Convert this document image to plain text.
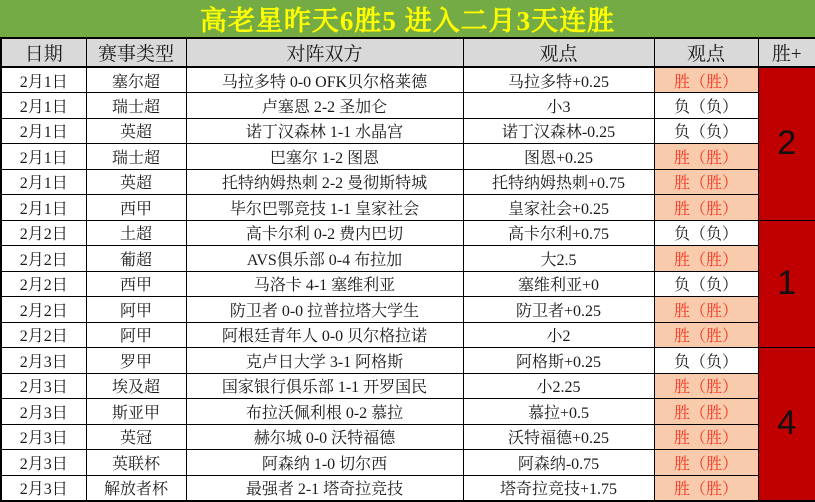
高老星昨天6胜5 进入二月3天连胜
日期	赛事类型	对阵双方	观点	观点	胜+
2月1日	塞尔超	马拉多特 0-0 OFK贝尔格莱德	马拉多特+0.25	胜（胜）	2
2月1日	瑞士超	卢塞恩 2-2 圣加仑	小3	负（负）	
2月1日	英超	诺丁汉森林 1-1 水晶宫	诺丁汉森林-0.25	负（负）	
2月1日	瑞士超	巴塞尔 1-2 图恩	图恩+0.25	胜（胜）	
2月1日	英超	托特纳姆热刺 2-2 曼彻斯特城	托特纳姆热刺+0.75	胜（胜）	
2月1日	西甲	毕尔巴鄂竞技 1-1 皇家社会	皇家社会+0.25	胜（胜）	
2月2日	土超	高卡尔利 0-2 费内巴切	高卡尔利+0.75	负（负）	1
2月2日	葡超	AVS俱乐部 0-4 布拉加	大2.5	胜（胜）	
2月2日	西甲	马洛卡 4-1 塞维利亚	塞维利亚+0	负（负）	
2月2日	阿甲	防卫者 0-0 拉普拉塔大学生	防卫者+0.25	胜（胜）	
2月2日	阿甲	阿根廷青年人 0-0 贝尔格拉诺	小2	胜（胜）	
2月3日	罗甲	克卢日大学 3-1 阿格斯	阿格斯+0.25	负（负）	4
2月3日	埃及超	国家银行俱乐部 1-1 开罗国民	小2.25	胜（胜）	
2月3日	斯亚甲	布拉沃佩利根 0-2 慕拉	慕拉+0.5	胜（胜）	
2月3日	英冠	赫尔城 0-0 沃特福德	沃特福德+0.25	胜（胜）	
2月3日	英联杯	阿森纳 1-0 切尔西	阿森纳-0.75	胜（胜）	
2月3日	解放者杯	最强者 2-1 塔奇拉竞技	塔奇拉竞技+1.75	胜（胜）	
